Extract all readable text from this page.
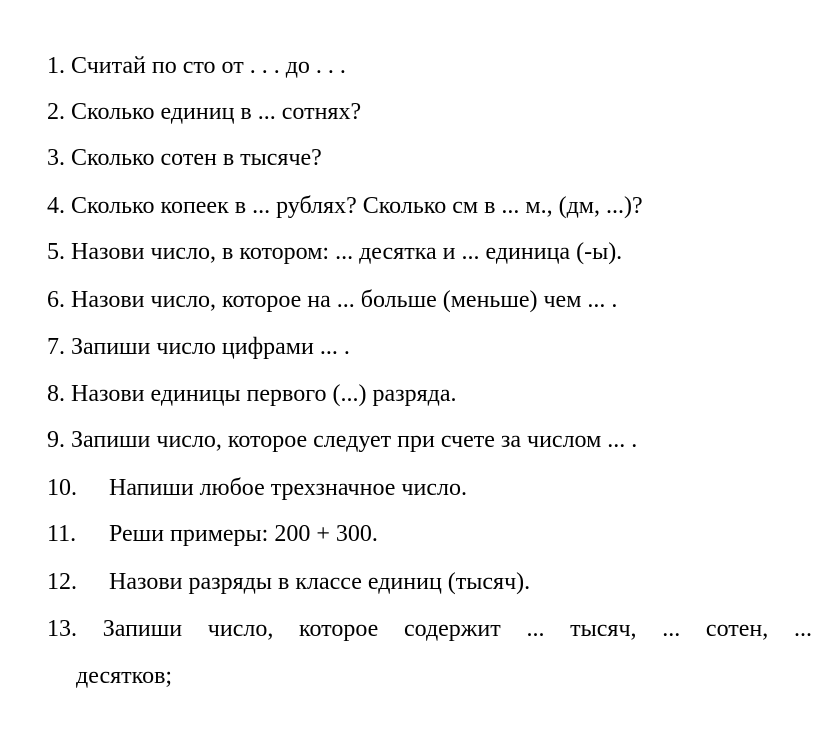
1. Считай по сто от . . . до . . .
2. Сколько единиц в ... сотнях?
3. Сколько сотен в тысяче?
4. Сколько копеек в ... рублях? Сколько см в ... м., (дм, ...)?
5. Назови число, в котором: ... десятка и ... единица (-ы).
6. Назови число, которое на ... больше (меньше) чем ... .
7. Запиши число цифрами ... .
8. Назови единицы первого (...) разряда.
9. Запиши число, которое следует при счете за числом ... .
10. Напиши любое трехзначное число.
11. Реши примеры: 200 + 300.
12. Назови разряды в классе единиц (тысяч).
13. Запиши число, которое содержит ... тысяч, ... сотен, ...
десятков;
